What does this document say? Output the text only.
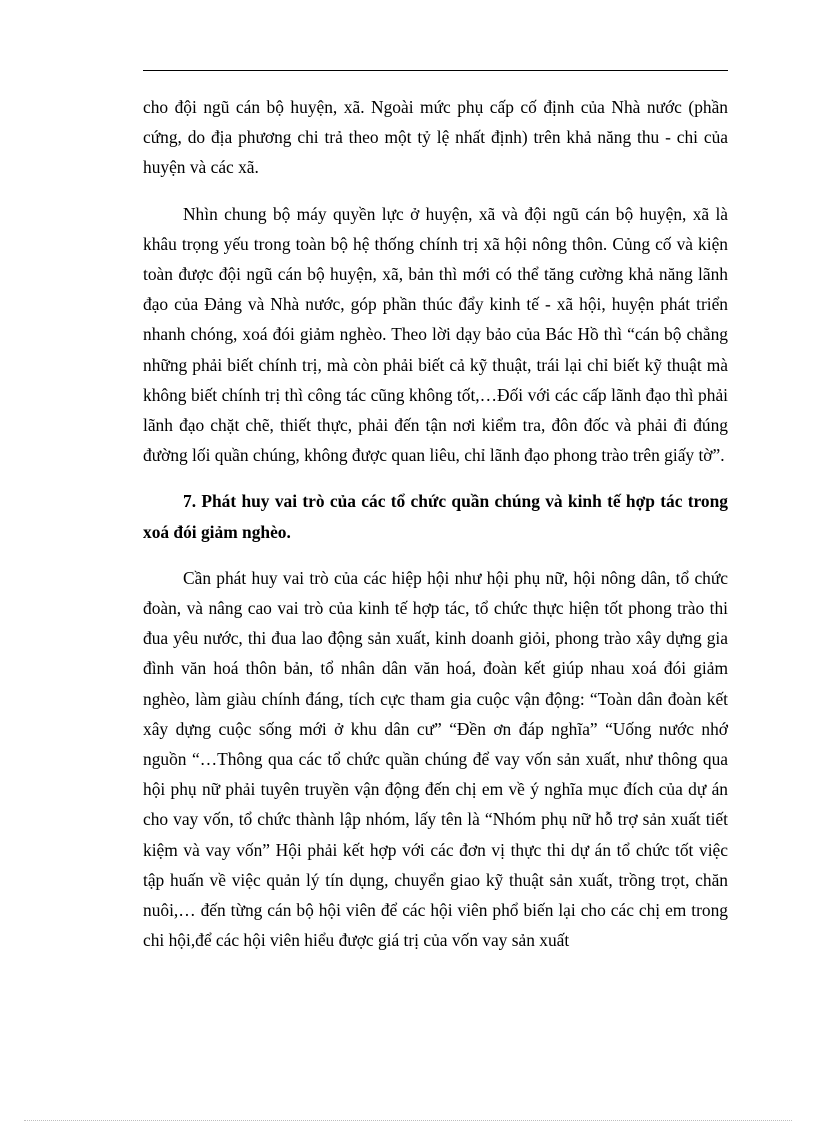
cho đội ngũ cán bộ huyện, xã. Ngoài mức phụ cấp cố định của Nhà nước (phần cứng, do địa phương chi trả theo một tỷ lệ nhất định) trên khả năng thu - chi của huyện và các xã.

Nhìn chung bộ máy quyền lực ở huyện, xã và đội ngũ cán bộ huyện, xã là khâu trọng yếu trong toàn bộ hệ thống chính trị xã hội nông thôn. Củng cố và kiện toàn được đội ngũ cán bộ huyện, xã, bản thì mới có thể tăng cường khả năng lãnh đạo của Đảng và Nhà nước, góp phần thúc đẩy kinh tế - xã hội, huyện phát triển nhanh chóng, xoá đói giảm nghèo. Theo lời dạy bảo của Bác Hồ thì “cán bộ chẳng những phải biết chính trị, mà còn phải biết cả kỹ thuật, trái lại chỉ biết kỹ thuật mà không biết chính trị thì công tác cũng không tốt,…Đối với các cấp lãnh đạo thì phải lãnh đạo chặt chẽ, thiết thực, phải đến tận nơi kiểm tra, đôn đốc và phải đi đúng đường lối quần chúng, không được quan liêu, chỉ lãnh đạo phong trào trên giấy tờ”.

7. Phát huy vai trò của các tổ chức quần chúng và kinh tế hợp tác trong xoá đói giảm nghèo.

Cần phát huy vai trò của các hiệp hội như hội phụ nữ, hội nông dân, tổ chức đoàn, và nâng cao vai trò của kinh tế hợp tác, tổ chức thực hiện tốt phong trào thi đua yêu nước, thi đua lao động sản xuất, kinh doanh giỏi, phong trào xây dựng gia đình văn hoá thôn bản, tổ nhân dân văn hoá, đoàn kết giúp nhau xoá đói giảm nghèo, làm giàu chính đáng, tích cực tham gia cuộc vận động: “Toàn dân đoàn kết xây dựng cuộc sống mới ở khu dân cư” “Đền ơn đáp nghĩa” “Uống nước nhớ nguồn “…Thông qua các tổ chức quần chúng để vay vốn sản xuất, như thông qua hội phụ nữ phải tuyên truyền vận động đến chị em về ý nghĩa mục đích của dự án cho vay vốn, tổ chức thành lập nhóm, lấy tên là “Nhóm phụ nữ hỗ trợ sản xuất tiết kiệm và vay vốn” Hội phải kết hợp với các đơn vị thực thi dự án tổ chức tốt việc tập huấn về việc quản lý tín dụng, chuyển giao kỹ thuật sản xuất, trồng trọt, chăn nuôi,… đến từng cán bộ hội viên để các hội viên phổ biến lại cho các chị em trong chi hội,để các hội viên hiểu được giá trị của vốn vay sản xuất
